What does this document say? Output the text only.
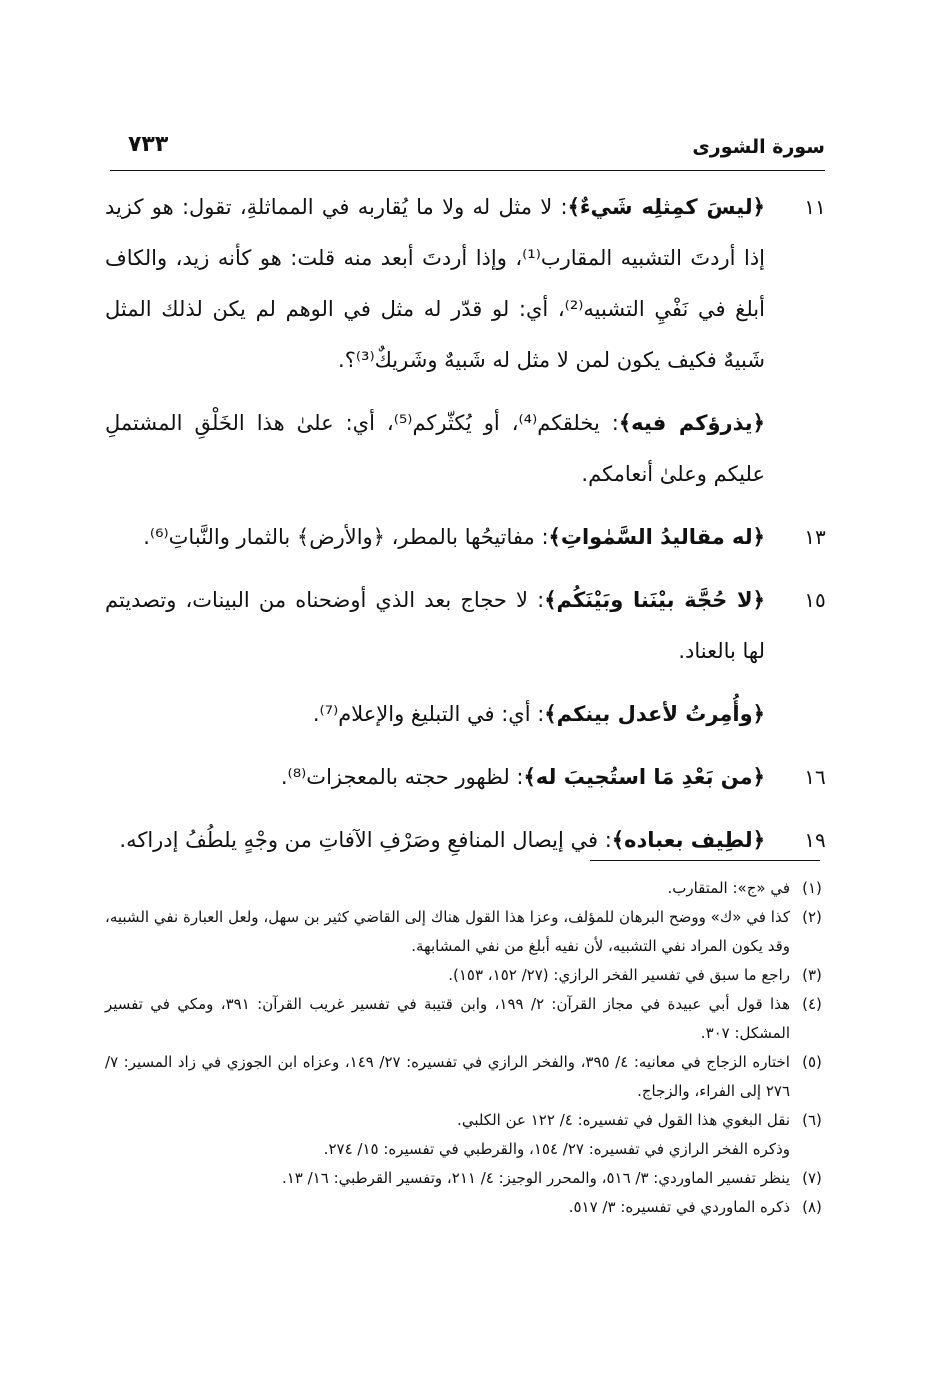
سورة الشورى
٧٣٣
١١
﴿ليسَ كمِثلِه شَيءٌ﴾: لا مثل له ولا ما يُقاربه في المماثلةِ، تقول: هو كزيد إذا أردتَ التشبيه المقارب⁽¹⁾، وإذا أردتَ أبعد منه قلت: هو كأنه زيد، والكاف أبلغ في نَفْيِ التشبيه⁽²⁾، أي: لو قدّر له مثل في الوهم لم يكن لذلك المثل شَبيهٌ فكيف يكون لمن لا مثل له شَبيهٌ وشَريكٌ⁽³⁾؟.
﴿يذرؤكم فيه﴾: يخلقكم⁽⁴⁾، أو يُكثّركم⁽⁵⁾، أي: علىٰ هذا الخَلْقِ المشتملِ عليكم وعلىٰ أنعامكم.
١٣
﴿له مقاليدُ السَّمٰواتِ﴾: مفاتيحُها بالمطر، ﴿والأرض﴾ بالثمار والنَّباتِ⁽⁶⁾.
١٥
﴿لا حُجَّة بيْنَنا وبَيْنَكُم﴾: لا حجاج بعد الذي أوضحناه من البينات، وتصديتم لها بالعناد.
﴿وأُمِرتُ لأعدل بينكم﴾: أي: في التبليغ والإعلام⁽⁷⁾.
١٦
﴿من بَعْدِ مَا استُجيبَ له﴾: لظهور حجته بالمعجزات⁽⁸⁾.
١٩
﴿لطِيف بعباده﴾: في إيصال المنافعِ وصَرْفِ الآفاتِ من وجْهٍ يلطُفُ إدراكه.
(١)
في «ج»: المتقارب.
(٢)
كذا في «ك» ووضح البرهان للمؤلف، وعزا هذا القول هناك إلى القاضي كثير بن سهل، ولعل العبارة نفي الشبيه، وقد يكون المراد نفي التشبيه، لأن نفيه أبلغ من نفي المشابهة.
(٣)
راجع ما سبق في تفسير الفخر الرازي: (٢٧/ ١٥٢، ١٥٣).
(٤)
هذا قول أبي عبيدة في مجاز القرآن: ٢/ ١٩٩، وابن قتيبة في تفسير غريب القرآن: ٣٩١، ومكي في تفسير المشكل: ٣٠٧.
(٥)
اختاره الزجاج في معانيه: ٤/ ٣٩٥، والفخر الرازي في تفسيره: ٢٧/ ١٤٩، وعزاه ابن الجوزي في زاد المسير: ٧/ ٢٧٦ إلى الفراء، والزجاج.
(٦)
نقل البغوي هذا القول في تفسيره: ٤/ ١٢٢ عن الكلبي.
وذكره الفخر الرازي في تفسيره: ٢٧/ ١٥٤، والقرطبي في تفسيره: ١٥/ ٢٧٤.
(٧)
ينظر تفسير الماوردي: ٣/ ٥١٦، والمحرر الوجيز: ٤/ ٢١١، وتفسير القرطبي: ١٦/ ١٣.
(٨)
ذكره الماوردي في تفسيره: ٣/ ٥١٧.
